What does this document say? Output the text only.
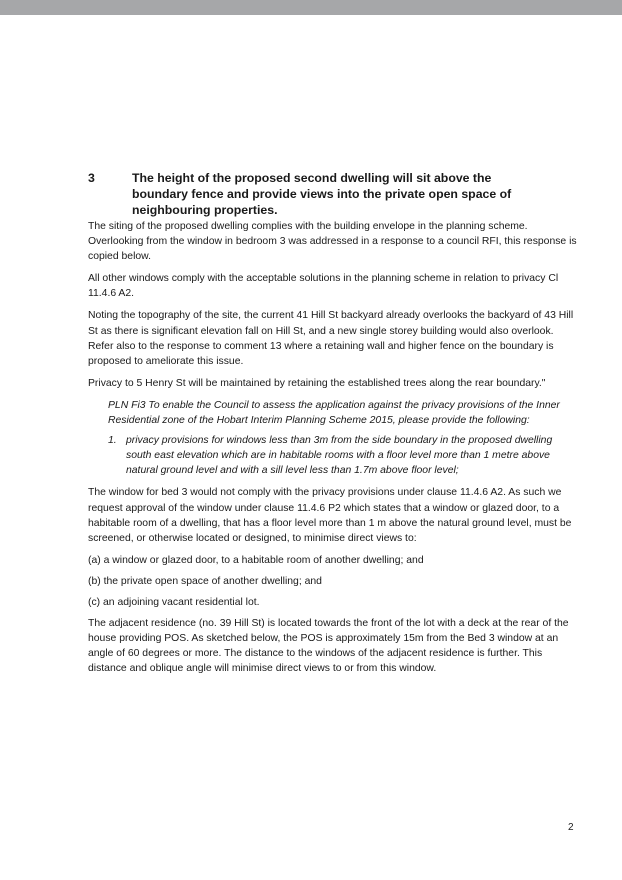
3	The height of the proposed second dwelling will sit above the boundary fence and provide views into the private open space of neighbouring properties.

The siting of the proposed dwelling complies with the building envelope in the planning scheme. Overlooking from the window in bedroom 3 was addressed in a response to a council RFI, this response is copied below.

All other windows comply with the acceptable solutions in the planning scheme in relation to privacy Cl 11.4.6 A2.

Noting the topography of the site, the current 41 Hill St backyard already overlooks the backyard of 43 Hill St as there is significant elevation fall on Hill St, and a new single storey building would also overlook. Refer also to the response to comment 13 where a retaining wall and higher fence on the boundary is proposed to ameliorate this issue.

Privacy to 5 Henry St will be maintained by retaining the established trees along the rear boundary."

PLN Fi3 To enable the Council to assess the application against the privacy provisions of the Inner Residential zone of the Hobart Interim Planning Scheme 2015, please provide the following:

1. privacy provisions for windows less than 3m from the side boundary in the proposed dwelling south east elevation which are in habitable rooms with a floor level more than 1 metre above natural ground level and with a sill level less than 1.7m above floor level;

The window for bed 3 would not comply with the privacy provisions under clause 11.4.6 A2. As such we request approval of the window under clause 11.4.6 P2 which states that a window or glazed door, to a habitable room of a dwelling, that has a floor level more than 1 m above the natural ground level, must be screened, or otherwise located or designed, to minimise direct views to:

(a) a window or glazed door, to a habitable room of another dwelling; and

(b) the private open space of another dwelling; and

(c) an adjoining vacant residential lot.

The adjacent residence (no. 39 Hill St) is located towards the front of the lot with a deck at the rear of the house providing POS. As sketched below, the POS is approximately 15m from the Bed 3 window at an angle of 60 degrees or more. The distance to the windows of the adjacent residence is further. This distance and oblique angle will minimise direct views to or from this window.

2
